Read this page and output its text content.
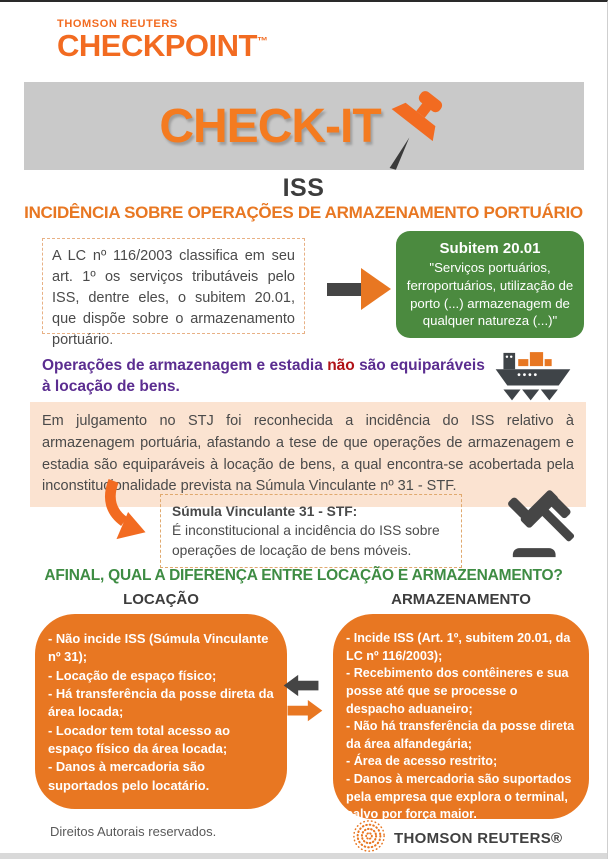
THOMSON REUTERS
CHECKPOINT™
CHECK-IT
ISS
INCIDÊNCIA SOBRE OPERAÇÕES DE ARMAZENAMENTO PORTUÁRIO
A LC nº 116/2003 classifica em seu art. 1º os serviços tributáveis pelo ISS, dentre eles, o subitem 20.01, que dispõe sobre o armazenamento portuário.
Subitem 20.01
"Serviços portuários, ferroportuários, utilização de porto (...) armazenagem de qualquer natureza (...)"
Operações de armazenagem e estadia não são equiparáveis à locação de bens.
Em julgamento no STJ foi reconhecida a incidência do ISS relativo à armazenagem portuária, afastando a tese de que operações de armazenagem e estadia são equiparáveis à locação de bens, a qual encontra-se acobertada pela inconstitucionalidade prevista na Súmula Vinculante nº 31 - STF.
Súmula Vinculante 31 - STF:
É inconstitucional a incidência do ISS sobre operações de locação de bens móveis.
AFINAL, QUAL A DIFERENÇA ENTRE LOCAÇÃO E ARMAZENAMENTO?
LOCAÇÃO	ARMAZENAMENTO

- Não incide ISS (Súmula Vinculante nº 31);

- Locação de espaço físico;

- Há transferência da posse direta da área locada;

- Locador tem total acesso ao espaço físico da área locada;

- Danos à mercadoria são suportados pelo locatário.

- Incide ISS (Art. 1º, subitem 20.01, da LC nº 116/2003);

- Recebimento dos contêineres e sua posse até que se processe o despacho aduaneiro;

- Não há transferência da posse direta da área alfandegária;

- Área de acesso restrito;

- Danos à mercadoria são suportados pela empresa que explora o terminal, salvo por força maior.

Direitos Autorais reservados.	THOMSON REUTERS®
